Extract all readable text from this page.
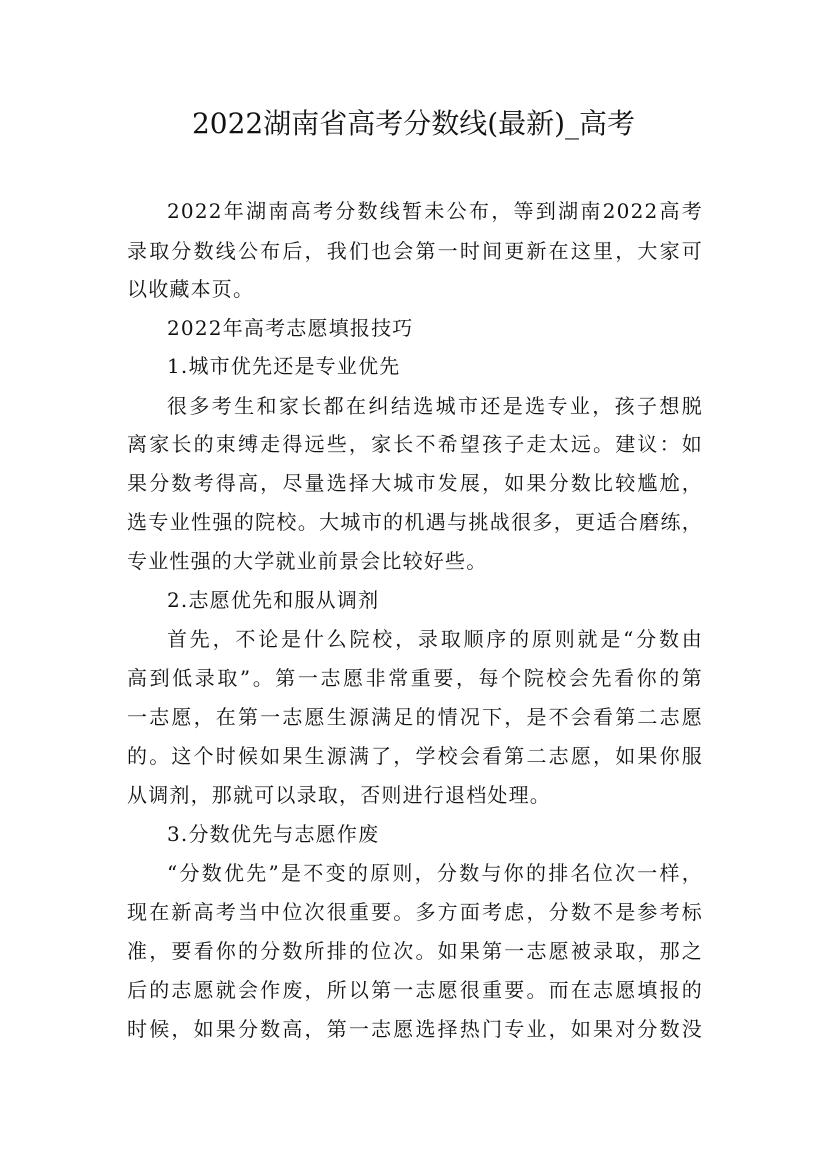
2022湖南省高考分数线(最新)_高考
2022年湖南高考分数线暂未公布，等到湖南2022高考
录取分数线公布后，我们也会第一时间更新在这里，大家可
以收藏本页。
2022年高考志愿填报技巧
1.城市优先还是专业优先
很多考生和家长都在纠结选城市还是选专业，孩子想脱
离家长的束缚走得远些，家长不希望孩子走太远。建议：如
果分数考得高，尽量选择大城市发展，如果分数比较尴尬，
选专业性强的院校。大城市的机遇与挑战很多，更适合磨练，
专业性强的大学就业前景会比较好些。
2.志愿优先和服从调剂
首先，不论是什么院校，录取顺序的原则就是“分数由
高到低录取”。第一志愿非常重要，每个院校会先看你的第
一志愿，在第一志愿生源满足的情况下，是不会看第二志愿
的。这个时候如果生源满了，学校会看第二志愿，如果你服
从调剂，那就可以录取，否则进行退档处理。
3.分数优先与志愿作废
“分数优先”是不变的原则，分数与你的排名位次一样，
现在新高考当中位次很重要。多方面考虑，分数不是参考标
准，要看你的分数所排的位次。如果第一志愿被录取，那之
后的志愿就会作废，所以第一志愿很重要。而在志愿填报的
时候，如果分数高，第一志愿选择热门专业，如果对分数没
